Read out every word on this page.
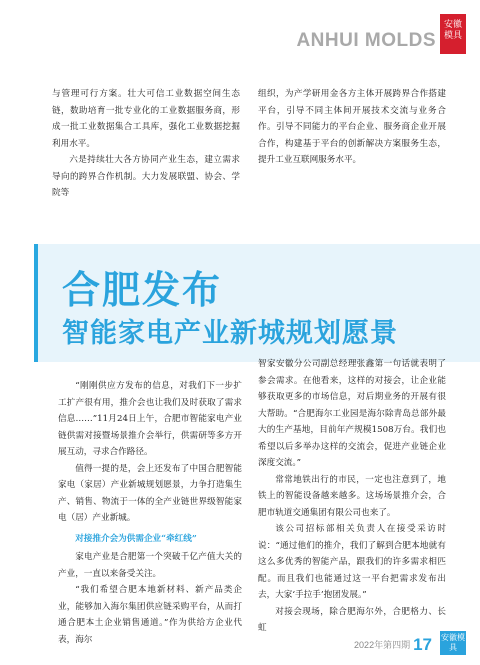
ANHUI MOLDS
安徽模具

与管理可行方案。壮大可信工业数据空间生态链，数助培育一批专业化的工业数据服务商，形成一批工业数据集合工具库，强化工业数据挖掘利用水平。

六是持续壮大各方协同产业生态，建立需求导向的跨界合作机制。大力发展联盟、协会、学院等

组织，为产学研用金各方主体开展跨界合作搭建平台，引导不同主体间开展技术交流与业务合作。引导不同能力的平台企业、服务商企业开展合作，构建基于平台的创新解决方案服务生态，提升工业互联网服务水平。

合肥发布
智能家电产业新城规划愿景

“刚刚供应方发布的信息，对我们下一步扩工扩产很有用，推介会也让我们及时获取了需求信息……”11月24日上午，合肥市智能家电产业链供需对接暨场景推介会举行，供需研等多方开展互动，寻求合作路径。

值得一提的是，会上还发布了中国合肥智能家电（家居）产业新城规划愿景，力争打造集生产、销售、物流于一体的全产业链世界级智能家电（居）产业新城。

对接推介会为供需企业“牵红线”

家电产业是合肥第一个突破千亿产值大关的产业，一直以来备受关注。

“我们希望合肥本地新材料、新产品类企业，能够加入海尔集团供应链采购平台，从而打通合肥本土企业销售通道。”作为供给方企业代表，海尔

智家安徽分公司副总经理张鑫第一句话就表明了参会需求。在他看来，这样的对接会，让企业能够获取更多的市场信息，对后期业务的开展有很大帮助。“合肥海尔工业园是海尔除青岛总部外最大的生产基地，目前年产规模1508万台。我们也希望以后多举办这样的交流会，促进产业链企业深度交流。”

常常地铁出行的市民，一定也注意到了，地铁上的智能设备越来越多。这场场景推介会，合肥市轨道交通集团有限公司也来了。

该公司招标部相关负责人在接受采访时说：“通过他们的推介，我们了解到合肥本地就有这么多优秀的智能产品，跟我们的许多需求相匹配。而且我们也能通过这一平台把需求发布出去，大家‘手拉手’抱团发展。”

对接会现场，除合肥海尔外，合肥格力、长虹

2022年第四期 17 安徽模具
